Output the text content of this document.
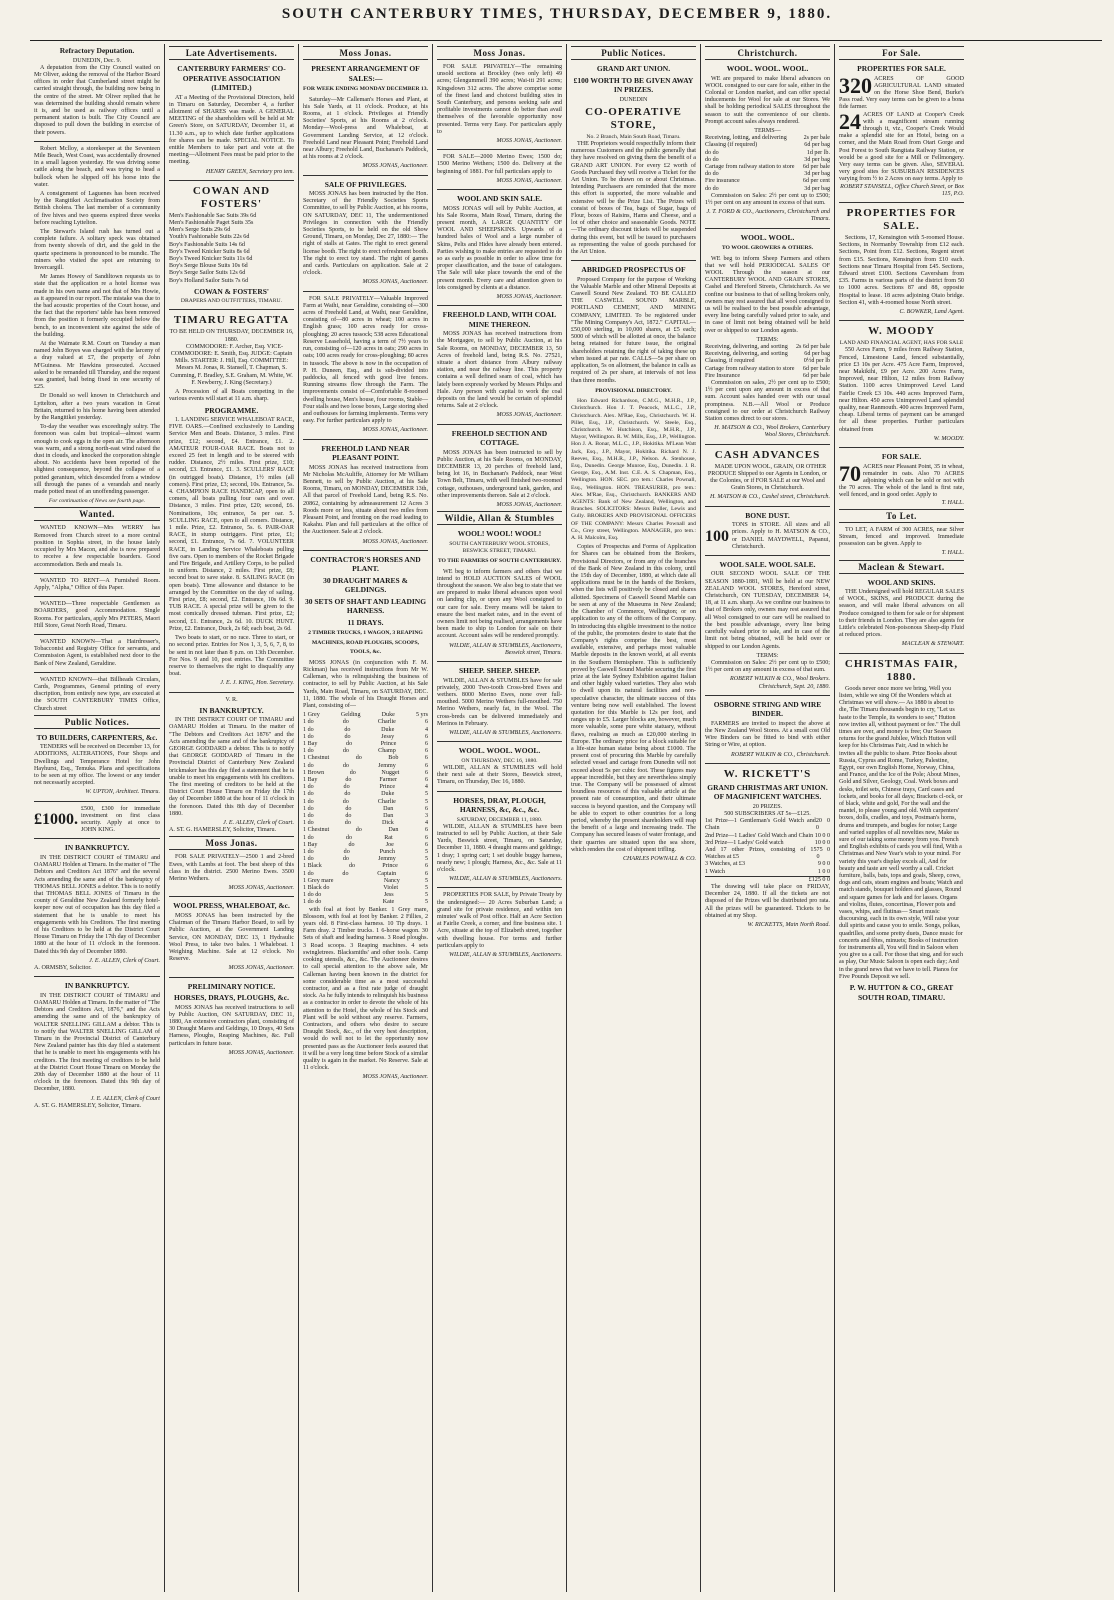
SOUTH CANTERBURY TIMES, THURSDAY, DECEMBER 9, 1880.
Refractory Deputation.
DUNEDIN, Dec. 9.

A deputation from the City Council waited on Mr Oliver, asking the removal of the Harbor Board offices in order that Cumberland street might be carried straight through, the building now being in the centre of the street. Mr Oliver replied that he was determined the building should remain where it is, and be used as railway offices until a permanent station is built. The City Council are disposed to pull down the building in exercise of their powers.

Robert Mclloy, a storekeeper at the Seventeen Mile Beach, West Coast, was accidentally drowned in a small lagoon yesterday. He was driving some cattle along the beach, and was trying to head a bullock when he slipped off his horse into the water.

A consignment of Laguenes has been received by the Rangitikei Acclimatisation Society from British cholera. The last member of a community of five hives and two queens expired three weeks before reaching Lyttelton.

The Stewart's Island rush has turned out a complete failure. A solitary speck was obtained from twenty shovels of dirt, and the gold in the quartz specimens is pronounced to be mundic. The miners who visited the spot are returning to Invercargill.

Mr James Howey of Sandiltown requests us to state that the application re a hotel license was made in his own name and not that of Mrs Howie, as it appeared in our report. The mistake was due to the bad acoustic properties of the Court house, and the fact that the reporters' table has been removed from the position it formerly occupied below the bench, to an inconvenient site against the side of the building.

At the Waimate R.M. Court on Tuesday a man named John Boyes was charged with the larceny of a dray valued at £7, the property of John M'Guiness. Mr Hawkins prosecuted. Accused asked to be remanded till Thursday, and the request was granted, bail being fixed in one security of £25.

Dr Donald so well known in Christchurch and Lyttelton, after a two years vacation in Great Britain, returned to his home having been attended by the Rangitikei yesterday.

To-day the weather was exceedingly sultry. The forenoon was calm but tropical—almost warm enough to cook eggs in the open air. The afternoon was warm, and a strong north-east wind raised the dust in clouds, and knocked the corporation shingle about. No accidents have been reported of the slightest consequence, beyond the collapse of a potted geranium, which descended from a window sill through the panes of a verandah and nearly made potted meat of an unoffending passenger.

For continuation of News see fourth page.
Wanted.

WANTED KNOWN—Mrs WERRY has Removed from Church street to a more central position in Sophia street, in the house lately occupied by Mrs Macon, and she is now prepared to receive a few respectable boarders. Good accommodation. Beds and meals 1s.

WANTED TO RENT—A Furnished Room. Apply, "Alpha," Office of this Paper.

WANTED—Three respectable Gentlemen as BOARDERS, good Accommodation. Single Rooms. For particulars, apply Mrs PETERS, Maori Hill Store, Great North Road, Timaru.

WANTED KNOWN—That a Hairdresser's, Tobacconist and Registry Office for servants, and Commission Agent, is established next door to the Bank of New Zealand, Geraldine.

WANTED KNOWN—that Billheads Circulars, Cards, Programmes, General printing of every discription, from entirely new type, are executed at the SOUTH CANTERBURY TIMES Office, Church street

Public Notices.
TO BUILDERS, CARPENTERS, &c.

TENDERS will be received on December 13, for ADDITIONS, ALTERATIONS, Four Shops and Dwellings and Temperance Hotel for John Hayhurst, Esq., Temuka. Plans and specifications to be seen at my office. The lowest or any tender not necessarily accepted.

W. UPTON, Architect. Timaru.
£1000.
£500, £300 for immediate investment on first class security. Apply at once to JOHN KING.
IN BANKRUPTCY.

IN THE DISTRICT COURT of TIMARU and OAMARU Holden at Timaru. In the matter of "The Debtors and Creditors Act 1876" and the several Acts amending the same and of the bankruptcy of THOMAS BELL JONES a debtor. This is to notify that THOMAS BELL JONES of Timaru in the county of Geraldine New Zealand formerly hotel-keeper now out of occupation has this day filed a statement that he is unable to meet his engagements with his Creditors. The first meeting of his Creditors to be held at the District Court House Timaru on Friday the 17th day of December 1880 at the hour of 11 o'clock in the forenoon. Dated this 9th day of December 1880.

J. E. ALLEN, Clerk of Court.
A. ORMSBY, Solicitor.
IN BANKRUPTCY.

IN THE DISTRICT COURT of TIMARU and OAMARU Holden at Timaru. In the matter of "The Debtors and Creditors Act, 1876," and the Acts amending the same and of the bankruptcy of WALTER SNELLING GILLAM a debtor. This is to notify that WALTER SNELLING GILLAM of Timaru in the Provincial District of Canterbury New Zealand painter has this day filed a statement that he is unable to meet his engagements with his creditors. The first meeting of creditors to be held at the District Court House Timaru on Monday the 20th day of December 1880 at the hour of 11 o'clock in the forenoon. Dated this 9th day of December, 1880.

J. E. ALLEN, Clerk of Court
A. ST. G. HAMERSLEY, Solicitor, Timaru.
Late Advertisements.
CANTERBURY FARMERS' CO-OPERATIVE ASSOCIATION (LIMITED.)

AT a Meeting of the Provisional Directors, held in Timaru on Saturday, December 4, a further allotment of SHARES was made. A GENERAL MEETING of the shareholders will be held at Mr Green's Store, on SATURDAY, December 11, at 11.30 a.m., up to which date further applications for shares can be made. SPECIAL NOTICE. To entitle Members to take part and vote at the meeting—Allotment Fees must be paid prior to the meeting.

HENRY GREEN, Secretary pro tem.
COWAN AND FOSTERS'
Men's Fashionable Sac Suits 39s 6d
Men's Fashionable Paget Suits 35s
Men's Serge Suits 29s 6d
Youth's Fashionable Suits 22s 6d
Boy's Fashionable Suits 14s 6d
Boy's Tweed Knicker Suits 8s 6d
Boy's Tweed Knicker Suits 11s 6d
Boy's Serge Blouse Suits 10s 6d
Boy's Serge Sailor Suits 12s 6d
Boy's Holland Sailor Suits 7s 6d
COWAN & FOSTERS'
DRAPERS AND OUTFITTERS, TIMARU.
TIMARU REGATTA
TO BE HELD ON THURSDAY, DECEMBER 16, 1880.

COMMODORE: F. Archer, Esq. VICE-COMMODORE: E. Smith, Esq. JUDGE: Captain Mills. STARTER: J. Hill, Esq. COMMITTEE: Messrs M. Jonas, R. Stansell, T. Chapman, S. Cumming, F. Bradley, S.E. Graham, M. White, W. F. Newberry, J. King (Secretary.)

A Procession of all Boats competing in the various events will start at 11 a.m. sharp.

PROGRAMME.

1. LANDING SERVICE WHALEBOAT RACE, FIVE OARS.—Confined exclusively to Landing Service Men and Boats. Distance, 3 miles. First prize, £12; second, £4. Entrance, £1. 2. AMATEUR FOUR-OAR RACE. Boats not to exceed 25 feet in length and to be steered with rudder. Distance, 2½ miles. First prize, £10; second, £3. Entrance, £1. 3. SCULLERS' RACE (in outrigged boats). Distance, 1½ miles (all comers). First prize, £3; second, 10s. Entrance, 5s. 4. CHAMPION RACE HANDICAP, open to all comers, all boats pulling four oars and over. Distance, 3 miles. First prize, £20; second, £6. Nominations, 10s; entrance, 5s per oar. 5. SCULLING RACE, open to all comers. Distance, 1 mile. Prize, £2. Entrance, 5s. 6. PAIR-OAR RACE, in stump outriggers. First prize, £1; second, £1. Entrance, 7s 6d. 7. VOLUNTEER RACE, in Landing Service Whaleboats pulling five oars. Open to members of the Rocket Brigade and Fire Brigade, and Artillery Corps, to be pulled in uniform. Distance, 2 miles. First prize, £8; second boat to save stake. 8. SAILING RACE (in open boats). Time allowance and distance to be arranged by the Committee on the day of sailing. First prize, £8; second, £2. Entrance, 10s 6d. 9. TUB RACE. A special prize will be given to the most comically dressed tubman. First prize, £2; second, £1. Entrance, 2s 6d. 10. DUCK HUNT. Prize, £2. Entrance, Duck, 2s 6d; each boat, 2s 6d.

Two boats to start, or no race. Three to start, or no second prize. Entries for Nos 1, 3, 5, 6, 7, 8, to be sent in not later than 8 p.m. on 13th December. For Nos. 9 and 10, post entries. The Committee reserve to themselves the right to disqualify any boat.

J. E. J. KING, Hon. Secretary.
V. R.
IN BANKRUPTCY.

IN THE DISTRICT COURT OF TIMARU and OAMARU Holden at Timaru. In the matter of "The Debtors and Creditors Act 1876" and the Acts amending the same and of the bankruptcy of GEORGE GODDARD a debtor. This is to notify that GEORGE GODDARD of Timaru in the Provincial District of Canterbury New Zealand brickmaker has this day filed a statement that he is unable to meet his engagements with his creditors. The first meeting of creditors to be held at the District Court House Timaru on Friday the 17th day of December 1880 at the hour of 11 o'clock in the forenoon. Dated this 8th day of December 1880.

J. E. ALLEN, Clerk of Court.
A. ST. G. HAMERSLEY, Solicitor, Timaru.
Moss Jonas.

FOR SALE PRIVATELY—2500 1 and 2-bred Ewes, with Lambs at foot. The best sheep of this class in the district. 2500 Merino Ewes. 3500 Merino Wethers.

MOSS JONAS, Auctioneer.
WOOL PRESS, WHALEBOAT, &c.

MOSS JONAS has been instructed by the Chairman of the Timaru Harbor Board, to sell by Public Auction, at the Government Landing Service, ON MONDAY, DEC 13, 1 Hydraulic Wool Press, to take two bales. 1 Whaleboat. 1 Weighing Machine. Sale at 12 o'clock. No Reserve.

MOSS JONAS, Auctioneer.
PRELIMINARY NOTICE.
HORSES, DRAYS, PLOUGHS, &c.

MOSS JONAS has received instructions to sell by Public Auction, ON SATURDAY, DEC 11, 1880, An extensive contractors plant, consisting of 30 Draught Mares and Geldings, 10 Drays, 40 Sets Harness, Ploughs, Reaping Machines, &c. Full particulars in future issue.

MOSS JONAS, Auctioneer.
Moss Jonas.
PRESENT ARRANGEMENT OF SALES:—
FOR WEEK ENDING MONDAY DECEMBER 13.

Saturday—Mr Calleman's Horses and Plant, at his Sale Yards, at 11 o'clock. Produce, at his Rooms, at 1 o'clock. Privileges at Friendly Societies' Sports, at his Rooms at 2 o'clock. Monday—Wool-press and Whaleboat, at Government Landing Service, at 12 o'clock. Freehold Land near Pleasant Point; Freehold Land near Albury; Freehold Land, Buchanan's Paddock, at his rooms at 2 o'clock.

MOSS JONAS, Auctioneer.
SALE OF PRIVILEGES.

MOSS JONAS has been instructed by the Hon. Secretary of the Friendly Societies Sports Committee, to sell by Public Auction, at his rooms, ON SATURDAY, DEC 11, The undermentioned Privileges in connection with the Friendly Societies Sports, to be held on the old Show Ground, Timaru, on Monday, Dec 27, 1880:— The right of stalls at Gates. The right to erect general license booth. The right to erect refreshment booth. The right to erect toy stand. The right of games and cards. Particulars on application. Sale at 2 o'clock.

MOSS JONAS, Auctioneer.

FOR SALE PRIVATELY—Valuable Improved Farm at Waihi, near Geraldine, consisting of—300 acres of Freehold Land, at Waihi, near Geraldine, consisting of—80 acres in wheat; 100 acres in English grass; 100 acres ready for cross-ploughing; 20 acres tussock; 538 acres Educational Reserve Leasehold, having a term of 7½ years to run, consisting of—120 acres in oats; 290 acres in oats; 100 acres ready for cross-ploughing; 80 acres in tussock. The above is now in the occupation of P. H. Duneen, Esq., and is sub-divided into paddocks, all fenced with good live fences. Running streams flow through the Farm. The improvements consist of—Comfortable 8-roomed dwelling house, Men's house, four rooms, Stable—Four stalls and two loose boxes, Large storing shed and outhouses for farming implements. Terms very easy. For further particulars apply to

MOSS JONAS, Auctioneer.
FREEHOLD LAND NEAR PLEASANT POINT.

MOSS JONAS has received instructions from Mr Nicholas McAuliffe, Attorney for Mr William Bennett, to sell by Public Auction, at his Sale Rooms, Timaru, on MONDAY, DECEMBER 13th, All that parcel of Freehold Land, being R.S. No. 20862, containing by admeasurement 12 Acres 3 Roods more or less, situate about two miles from Pleasant Point, and fronting on the road leading to Kakahu. Plan and full particulars at the office of the Auctioneer. Sale at 2 o'clock.

MOSS JONAS, Auctioneer.
CONTRACTOR'S HORSES AND PLANT.
30 DRAUGHT MARES & GELDINGS.
30 SETS OF SHAFT AND LEADING HARNESS.
11 DRAYS.
2 TIMBER TRUCKS, 1 WAGON, 3 REAPING MACHINES, ROAD PLOUGHS, SCOOPS, TOOLS, &c.

MOSS JONAS (in conjunction with F. M. Rickman) has received instructions from Mr W. Calleman, who is relinquishing the business of contractor, to sell by Public Auction, at his Sale Yards, Main Road, Timaru, on SATURDAY, DEC. 11, 1880. The whole of his Draught Horses and Plant, consisting of—

1 Grey	Gelding	Duke	5 yrs
1 do	do	Charlie	6
1 do	do	Duke	4
1 do	do	Jessy	6
1 Bay	do	Prince	6
1 do	do	Champ	6
1 Chestnut	do	Bob	6
1 do	do	Jemmy	6
1 Brown	do	Nugget	6
1 Bay	do	Farmer	6
1 do	do	Prince	4
1 do	do	Duke	5
1 do	do	Charlie	5
1 do	do	Dan	6
1 do	do	Dan	3
1 do	do	Dick	4
1 Chestnut	do	Dan	6
1 do	do	Rat	6
1 Bay	do	Joe	6
1 do	do	Punch	5
1 do	do	Jemmy	5
1 Black	do	Prince	6
1 do	do	Captain	6
1 Grey mare	Nancy	5
1 Black do	Violet	5
1 do do	Jess	5
1 do do	Kate	5

with foal at foot by Banker. 1 Grey mare, Blossom, with foal at foot by Banker. 2 Fillies, 2 years old. 8 First-class harness. 10 Tip drays. 1 Farm dray. 2 Timber trucks. 1 6-horse wagon. 30 Sets of shaft and leading harness. 3 Road ploughs. 3 Road scoops. 3 Reaping machines. 4 sets swingletrees. Blacksmiths' and other tools. Camp cooking utensils, &c., &c. The Auctioneer desires to call special attention to the above sale, Mr Calleman having been known in the district for some considerable time as a most successful contractor, and as a first rate judge of draught stock. As he fully intends to relinquish his business as a contractor in order to devote the whole of his attention to the Hotel, the whole of his Stock and Plant will be sold without any reserve. Farmers, Contractors, and others who desire to secure Draught Stock, &c., of the very best description, would do well not to let the opportunity now presented pass as the Auctioneer feels assured that it will be a very long time before Stock of a similar quality is again in the market. No Reserve. Sale at 11 o'clock.

MOSS JONAS, Auctioneer.
Moss Jonas.

FOR SALE PRIVATELY—The remaining unsold sections at Brockley (two only left) 49 acres; Glengummell 390 acres; Wai-iti 291 acres; Kingsdown 312 acres. The above comprise some of the finest land and choicest building sites in South Canterbury, and persons seeking safe and profitable investments cannot do better than avail themselves of the favorable opportunity now presented. Terms very Easy. For particulars apply to

MOSS JONAS, Auctioneer.

FOR SALE—2000 Merino Ewes; 1500 do; 1500 Merino Wethers; 1500 do. Delivery at the beginning of 1881. For full particulars apply to

MOSS JONAS, Auctioneer.
WOOL AND SKIN SALE.

MOSS JONAS will sell by Public Auction, at his Sale Rooms, Main Road, Timaru, during the present month, A LARGE QUANTITY OF WOOL AND SHEEPSKINS. Upwards of a hundred bales of Wool and a large number of Skins, Pelts and Hides have already been entered. Parties wishing to make entries are requested to do so as early as possible in order to allow time for proper classification, and the issue of catalogues. The Sale will take place towards the end of the present month. Every care and attention given to lots consigned by clients at a distance.

MOSS JONAS, Auctioneer.
FREEHOLD LAND, WITH COAL MINE THEREON.

MOSS JONAS has received instructions from the Mortgagee, to sell by Public Auction, at his Sale Rooms, on MONDAY, DECEMBER 13, 50 Acres of freehold land, being R.S. No. 27521, situate a short distance from Albury railway station, and near the railway line. This property contains a well defined seam of coal, which has lately been expressly worked by Messrs Philps and Hale. Any person with capital to work the coal deposits on the land would be certain of splendid returns. Sale at 2 o'clock.

MOSS JONAS, Auctioneer.
FREEHOLD SECTION AND COTTAGE.

MOSS JONAS has been instructed to sell by Public Auction, at his Sale Rooms, on MONDAY, DECEMBER 13, 20 perches of freehold land, being lot 16, in Buchanan's Paddock, near West Town Belt, Timaru, with well finished two-roomed cottage, outhouses, underground tank, garden, and other improvements thereon. Sale at 2 o'clock.

MOSS JONAS, Auctioneer.
Wildie, Allan & Stumbles
WOOL! WOOL! WOOL!
SOUTH CANTERBURY WOOL STORES, BESWICK STREET, TIMARU.
TO THE FARMERS OF SOUTH CANTERBURY.

WE beg to inform farmers and others that we intend to HOLD AUCTION SALES of WOOL throughout the season. We also beg to state that we are prepared to make liberal advances upon wool on landing clip, or upon any Wool consigned to our care for sale. Every means will be taken to ensure the best market rates, and in the event of owners limit not being realised, arrangements have been made to ship to London for sale on their account. Account sales will be rendered promptly.

WILDIE, ALLAN & STUMBLES, Auctioneers, Beswick street, Timaru.
SHEEP. SHEEP. SHEEP.

WILDIE, ALLAN & STUMBLES have for sale privately, 2000 Two-tooth Cross-bred Ewes and wethers. 8000 Merino Ewes, none over full-mouthed. 5000 Merino Wethers full-mouthed. 750 Merino Wethers, nearly fat, in the Wool. The cross-breds can be delivered immediately and Merinos in February.

WILDIE, ALLAN & STUMBLES, Auctioneers.
WOOL. WOOL. WOOL.
ON THURSDAY, DEC 16, 1880.

WILDIE, ALLAN & STUMBLES will hold their next sale at their Stores, Beswick street, Timaru, on Thursday, Dec 16, 1880.

HORSES, DRAY, PLOUGH, HARNESS, &c, &c., &c.
SATURDAY, DECEMBER 11, 1880.

WILDIE, ALLAN & STUMBLES have been instructed to sell by Public Auction, at their Sale Yards, Beswick street, Timaru, on Saturday, December 11, 1880. 4 draught mares and geldings; 1 dray; 1 spring cart; 1 set double buggy harness, nearly new; 1 plough; Harness, &c., &c. Sale at 11 o'clock.

WILDIE, ALLAN & STUMBLES, Auctioneers.

PROPERTIES FOR SALE, by Private Treaty by the undersigned:— 20 Acres Suburban Land; a grand site for private residence, and within ten minutes' walk of Post office. Half an Acre Section at Fairlie Creek, a corner, and fine business site. 1 Acre, situate at the top of Elizabeth street, together with dwelling house. For terms and further particulars apply to

WILDIE, ALLAN & STUMBLES, Auctioneers.
Public Notices.
GRAND ART UNION.
£100 WORTH TO BE GIVEN AWAY IN PRIZES.
DUNEDIN
CO-OPERATIVE STORE,
No. 2 Branch, Main South Road, Timaru.

THE Proprietors would respectfully inform their numerous Customers and the public generally that they have resolved on giving them the benefit of a GRAND ART UNION. For every £2 worth of Goods Purchased they will receive a Ticket for the Art Union. To be drawn on or about Christmas. Intending Purchasers are reminded that the more this effort is supported, the more valuable and extensive will be the Prize List. The Prizes will consist of boxes of Tea, bags of Sugar, bags of Flour, boxes of Raisins, Hams and Cheese, and a lot of other choice and seasonable Goods. NOTE—The ordinary discount tickets will be suspended during this event, but will be issued to purchasers as representing the value of goods purchased for the Art Union.

ABRIDGED PROSPECTUS OF

Proposed Company for the purpose of Working the Valuable Marble and other Mineral Deposits at Caswell Sound New Zealand. TO BE CALLED THE CASWELL SOUND MARBLE, PORTLAND CEMENT, AND MINING COMPANY, LIMITED. To be registered under "The Mining Company's Act, 1872." CAPITAL—£50,000 sterling, in 10,000 shares, at £5 each; 5000 of which will be allotted at once, the balance being retained for future issue, the original shareholders retaining the right of taking these up when issued at par rate. CALLS—5s per share on application, 5s on allotment, the balance in calls as required of 2s per share, at intervals of not less than three months.

PROVISIONAL DIRECTORY.

Hon Edward Richardson, C.M.G., M.H.R., J.P., Christchurch. Hon J. T. Peacock, M.L.C., J.P., Christchurch. Alex. M'Rae, Esq., Christchurch. W. H. Pillet, Esq., J.P., Christchurch. W. Steele, Esq., Christchurch. W. Hutchison, Esq., M.H.R., J.P., Mayor, Wellington. R. W. Mills, Esq., J.P., Wellington. Hon J. A. Bonar, M.L.C., J.P., Hokitika. M'Lean Watt Jack, Esq., J.P., Mayor, Hokitika. Richard N. J. Reeves, Esq., M.H.R., J.P., Nelson. A. Stenhouse, Esq., Dunedin. George Munroe, Esq., Dunedin. J. R. George, Esq., A.M. Inst. C.E. A. S. Chapman, Esq., Wellington. HON. SEC. pro tem.: Charles Pownall, Esq., Wellington. HON. TREASURER, pro tem.: Alex. M'Rae, Esq., Christchurch. BANKERS AND AGENTS: Bank of New Zealand, Wellington, and Branches. SOLICITORS: Messrs Buller, Lewis and Gully. BROKERS AND PROVISIONAL OFFICERS OF THE COMPANY: Messrs Charles Pownall and Co., Grey street, Wellington. MANAGER, pro tem.: A. H. Malcolm, Esq.

Copies of Prospectus and Forms of Application for Shares can be obtained from the Brokers, Provisional Directors, or from any of the branches of the Bank of New Zealand in this colony, until the 15th day of December, 1880, at which date all applications must be in the hands of the Brokers, when the lists will positively be closed and shares allotted. Specimens of Caswell Sound Marble can be seen at any of the Museums in New Zealand; the Chamber of Commerce, Wellington; or on application to any of the officers of the Company. In introducing this eligible investment to the notice of the public, the promoters desire to state that the Company's rights comprise the best, most available, extensive, and perhaps most valuable Marble deposits in the known world, at all events in the Southern Hemisphere. This is sufficiently proved by Caswell Sound Marble securing the first prize at the late Sydney Exhibition against Italian and other highly valued varieties. They also wish to dwell upon its natural facilities and non-speculative character, the ultimate success of this venture being now well established. The lowest quotation for this Marble is 12s per foot, and ranges up to £5. Larger blocks are, however, much more valuable, some pure white statuary, without flaws, realising as much as £20,000 sterling in Europe. The ordinary price for a block suitable for a life-size human statue being about £1000. The present cost of procuring this Marble by carefully selected vessel and cartage from Dunedin will not exceed about 5s per cubic foot. These figures may appear incredible, but they are nevertheless simply true. The Company will be possessed of almost boundless resources of this valuable article at the present rate of consumption, and their ultimate success is beyond question, and the Company will be able to export to other countries for a long period, whereby the present shareholders will reap the benefit of a large and increasing trade. The Company has secured leases of water frontage, and their quarries are situated upon the sea shore, which renders the cost of shipment trifling.

CHARLES POWNALL & CO.
Christchurch.
WOOL. WOOL. WOOL.

WE are prepared to make liberal advances on WOOL consigned to our care for sale, either in the Colonial or London market, and can offer special inducements for Wool for sale at our Stores. We shall be holding periodical SALES throughout the season to suit the convenience of our clients. Prompt account sales always rendered.

TERMS—
Receiving, lotting, and delivering	2s per bale
Classing (if required)	6d per bag
do do	1d per lb.
do do	3d per bag
Cartage from railway station to store 6d per bale
do do	3d per bag
Fire insurance	6d per cent
do do	3d per bag

Commission on Sales: 2½ per cent up to £500; 1½ per cent on any amount in excess of that sum.

J. T. FORD & CO., Auctioneers, Christchurch and Timaru.
WOOL. WOOL.
TO WOOL GROWERS & OTHERS.

WE beg to inform Sheep Farmers and others that we will hold PERIODICAL SALES OF WOOL Through the season at our CANTERBURY WOOL AND GRAIN STORES, Cashel and Hereford Streets, Christchurch. As we confine our business to that of selling brokers only, owners may rest assured that all wool consigned to us will be realised to the best possible advantage, every line being carefully valued prior to sale, and in case of limit not being obtained will be held over or shipped to our London agents.

TERMS:
Receiving, delivering, and sorting 2s 6d per bale
Receiving, delivering, and sorting	6d per bag
Classing, if required	0½d per lb
Cartage from railway station to store 6d per bale
Fire Insurance	6d per bale

Commission on sales, 2½ per cent up to £500; 1½ per cent upon any amount in excess of that sum. Account sales handed over with our usual promptness. N.B.—All Wool or Produce consigned to our order at Christchurch Railway Station comes direct to our stores.

H. MATSON & CO., Wool Brokers, Canterbury Wool Stores, Christchurch.
CASH ADVANCES

MADE UPON WOOL, GRAIN, OR OTHER PRODUCE Shipped to our Agents in London, or the Colonies, or if FOR SALE at our Wool and Grain Stores, in Christchurch.

H. MATSON & CO., Cashel street, Christchurch.
BONE DUST.
100
TONS in STORE. All sizes and all prices. Apply to H. MATSON & CO., or DANIEL MAYDWELL, Papanui, Christchurch.
WOOL SALE. WOOL SALE.

OUR SECOND WOOL SALE OF THE SEASON 1880-1881, Will be held at our NEW ZEALAND WOOL STORES, Hereford street, Christchurch, ON TUESDAY, DECEMBER 14, 18, at 11 a.m. sharp. As we confine our business to that of Brokers only, owners may rest assured that all Wool consigned to our care will be realised to the best possible advantage, every line being carefully valued prior to sale, and in case of the limit not being obtained, will be held over or shipped to our London Agents.

TERMS:

Commission on Sales: 2½ per cent up to £500; 1½ per cent on any amount in excess of that sum.

ROBERT WILKIN & CO., Wool Brokers. Christchurch, Sept. 20, 1880.
OSBORNE STRING AND WIRE BINDER.

FARMERS are invited to inspect the above at the New Zealand Wool Stores. At a small cost Old Wire Binders can be fitted to bind with either String or Wire, at option.

ROBERT WILKIN & CO., Christchurch.
W. RICKETT'S
GRAND CHRISTMAS ART UNION. OF MAGNIFICENT WATCHES.
20 PRIZES.
500 SUBSCRIBERS AT 5s—£125.
1st Prize—1 Gentleman's Gold Watch and Chain
20 0 0
2nd Prize—1 Ladies' Gold Watch and Chain 10 0 0
3rd Prize—1 Ladys' Gold watch	10 0 0
And 17 other Prizes, consisting of 15 Watches at £5
75 0 0
3 Watches, at £3	9 0 0
1 Watch	1 0 0
£125 0 0

The drawing will take place on FRIDAY, December 24, 1880. If all the tickets are not disposed of the Prizes will be distributed pro rata. All the prizes will be guaranteed. Tickets to be obtained at my Shop.

W. RICKETTS, Main North Road.
For Sale.
PROPERTIES FOR SALE.
320 ACRES OF GOOD AGRICULTURAL LAND situated on the Horse Shoe Bend, Burke's Pass road. Very easy terms can be given to a bona fide farmer.
24 ACRES OF LAND at Cooper's Creek with a magnificent stream running through it, viz., Cooper's Creek Would make a splendid site for an Hotel, being on a corner, and the Main Road from Otari Gorge and Post Forest to South Rangitata Railway Station, or would be a good site for a Mill or Fellmongery. Very easy terms can be given. Also, SEVERAL very good sites for SUBURBAN RESIDENCES varying from ½ to 2 Acres on easy terms. Apply to
ROBERT STANSELL, Office Church Street, or Box 115, P.O.
PROPERTIES FOR SALE.

Sections, 17, Kensington with 5-roomed House. Sections, in Normanby Township from £12 each. Sections, Point from £12. Sections, Regent street from £15. Sections, Kensington from £10 each. Sections near Timaru Hospital from £45. Sections, Edward street £100. Sections Caversham from £35. Farms in various parts of the district from 50 to 1000 acres. Sections 87 and 88, opposite Hospital to lease. 18 acres adjoining Otaio bridge. Section 41, with 4-roomed house North street.

C. BOWKER, Land Agent.
W. MOODY
LAND AND FINANCIAL AGENT, HAS FOR SALE

550 Acres Farm, 9 miles from Railway Station, Fenced, Limestone Land, fenced substantially, price £3 10s per Acre. 475 Acre Farm, Improved, near Makikihi, £9 per Acre. 200 Acres Farm, Improved, near Hilton, 12 miles from Railway Station. 1100 acres Unimproved Level Land Fairlie Creek £3 10s. 440 acres Improved Farm, near Hilton. 450 acres Unimproved Land splendid quality, near Ranmouth. 400 acres Improved Farm, cheap. Liberal terms of payment can be arranged for all these properties. Further particulars obtained from

W. MOODY.
FOR SALE.
70 ACRES near Pleasant Point, 35 in wheat, remainder in oats. Also 70 ACRES adjoining which can be sold or not with the 70 acres. The whole of the land is first rate, well fenced, and in good order. Apply to
T. HALL.
To Let.

TO LET, A FARM of 300 ACRES, near Silver Stream, fenced and improved. Immediate possession can be given. Apply to

T. HALL.
Maclean & Stewart.
WOOL AND SKINS.

THE Undersigned will hold REGULAR SALES of WOOL, SKINS, and PRODUCE during the season, and will make liberal advances on all Produce consigned to them for sale or for shipment to their friends in London. They are also agents for Little's celebrated Non-poisonous Sheep-dip Fluid at reduced prices.

MACLEAN & STEWART.
CHRISTMAS FAIR, 1880.

Goods never once more we bring, Well you listen, while we sing Of the Wonders which at Christmas we will show.— As 1880 is about to die, The Timaru thousands begin to cry, "Let us haste to the Temple, its wonders to see;" Hutton now invites all, without payment or fee." The dull times are over, and money is free; Our Season returns for the grand Jubilee, Which Hutton will keep for his Christmas Fair, And in which he invites all the public to share. Prize Books about Russia, Cyprus and Rome, Turkey, Palestine, Egypt, our own English Home, Norway, China, and France, and the Ice of the Pole; About Mines, Gold and Silver, Geology, Coal. Work boxes and desks, toilet sets, Chinese trays, Card cases and lockets, and books for all days; Brackets cl-ock, or of black, white and gold, For the wall and the mantel, to please young and old. With carpenters' boxes, dolls, cradles, and toys, Postman's horns, drums and trumpets, and bugles for noise; Large and varied supplies of all novelties new, Make us sure of our taking some money from you. French and English exhibits of cards you will find, With a Christmas and New Year's wish to your mind. For variety this year's display excels all, And for beauty and taste are well worthy a call. Cricket furniture, balls, bats, tops and goals, Sheep, cows, dogs and cats, steam engines and boats; Watch and match stands, bouquet holders and glasses, Round and square games for lads and for lasses. Organs and violins, flutes, concertinas, Flower pots and vases, whips, and flutinas— Smart music discoursing, each in its own style, Will raise your dull spirits and cause you to smile. Songs, polkas, quadrilles, and some pretty duets, Dance music for concerts and fêtes, minuets; Books of instruction for instruments all, You will find in Saloon when you give us a call. For those that sing, and for such as play, Our Music Saloon is open each day; And in the grand news that we have to tell. Pianos for Five Pounds Deposit we sell.

P. W. HUTTON & CO., GREAT SOUTH ROAD, TIMARU.
